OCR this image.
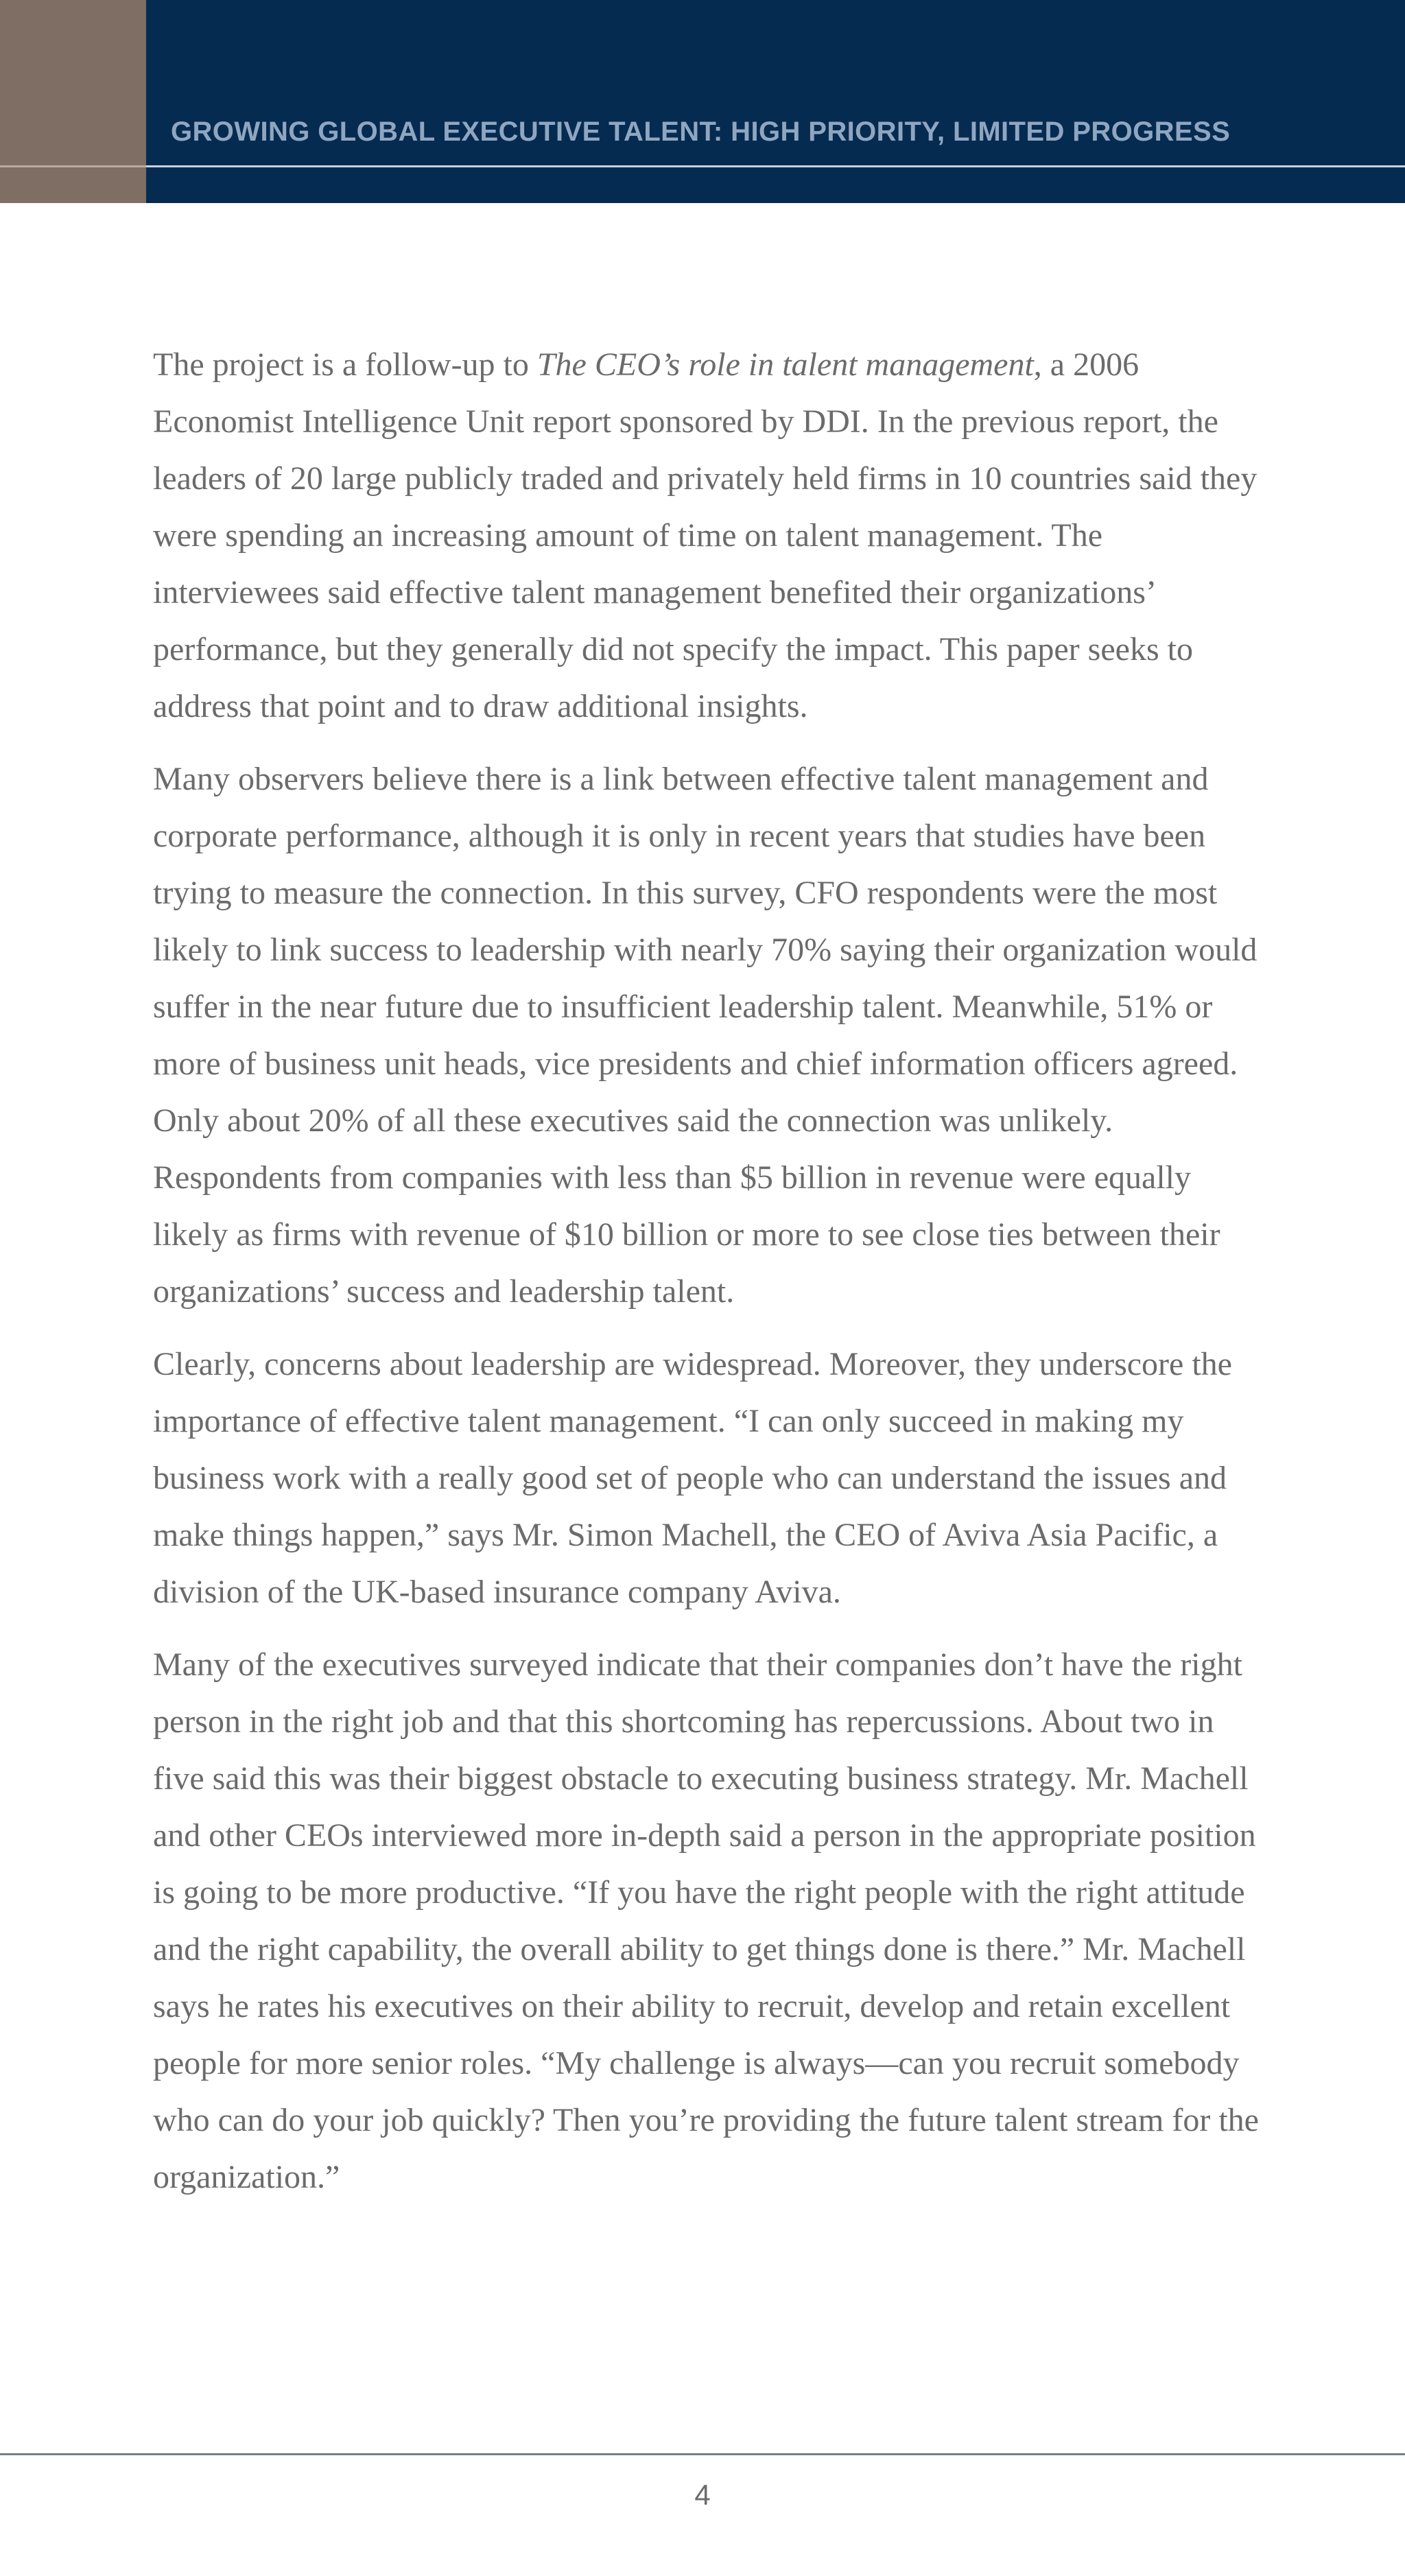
GROWING GLOBAL EXECUTIVE TALENT: HIGH PRIORITY, LIMITED PROGRESS

The project is a follow-up to The CEO’s role in talent management, a 2006 Economist Intelligence Unit report sponsored by DDI. In the previous report, the leaders of 20 large publicly traded and privately held firms in 10 countries said they were spending an increasing amount of time on talent management. The interviewees said effective talent management benefited their organizations’ performance, but they generally did not specify the impact. This paper seeks to address that point and to draw additional insights.

Many observers believe there is a link between effective talent management and corporate performance, although it is only in recent years that studies have been trying to measure the connection. In this survey, CFO respondents were the most likely to link success to leadership with nearly 70% saying their organization would suffer in the near future due to insufficient leadership talent. Meanwhile, 51% or more of business unit heads, vice presidents and chief information officers agreed. Only about 20% of all these executives said the connection was unlikely. Respondents from companies with less than $5 billion in revenue were equally likely as firms with revenue of $10 billion or more to see close ties between their organizations’ success and leadership talent.

Clearly, concerns about leadership are widespread. Moreover, they underscore the importance of effective talent management. “I can only succeed in making my business work with a really good set of people who can understand the issues and make things happen,” says Mr. Simon Machell, the CEO of Aviva Asia Pacific, a division of the UK-based insurance company Aviva.

Many of the executives surveyed indicate that their companies don’t have the right person in the right job and that this shortcoming has repercussions. About two in five said this was their biggest obstacle to executing business strategy. Mr. Machell and other CEOs interviewed more in-depth said a person in the appropriate position is going to be more productive. “If you have the right people with the right attitude and the right capability, the overall ability to get things done is there.” Mr. Machell says he rates his executives on their ability to recruit, develop and retain excellent people for more senior roles. “My challenge is always—can you recruit somebody who can do your job quickly? Then you’re providing the future talent stream for the organization.”

4
